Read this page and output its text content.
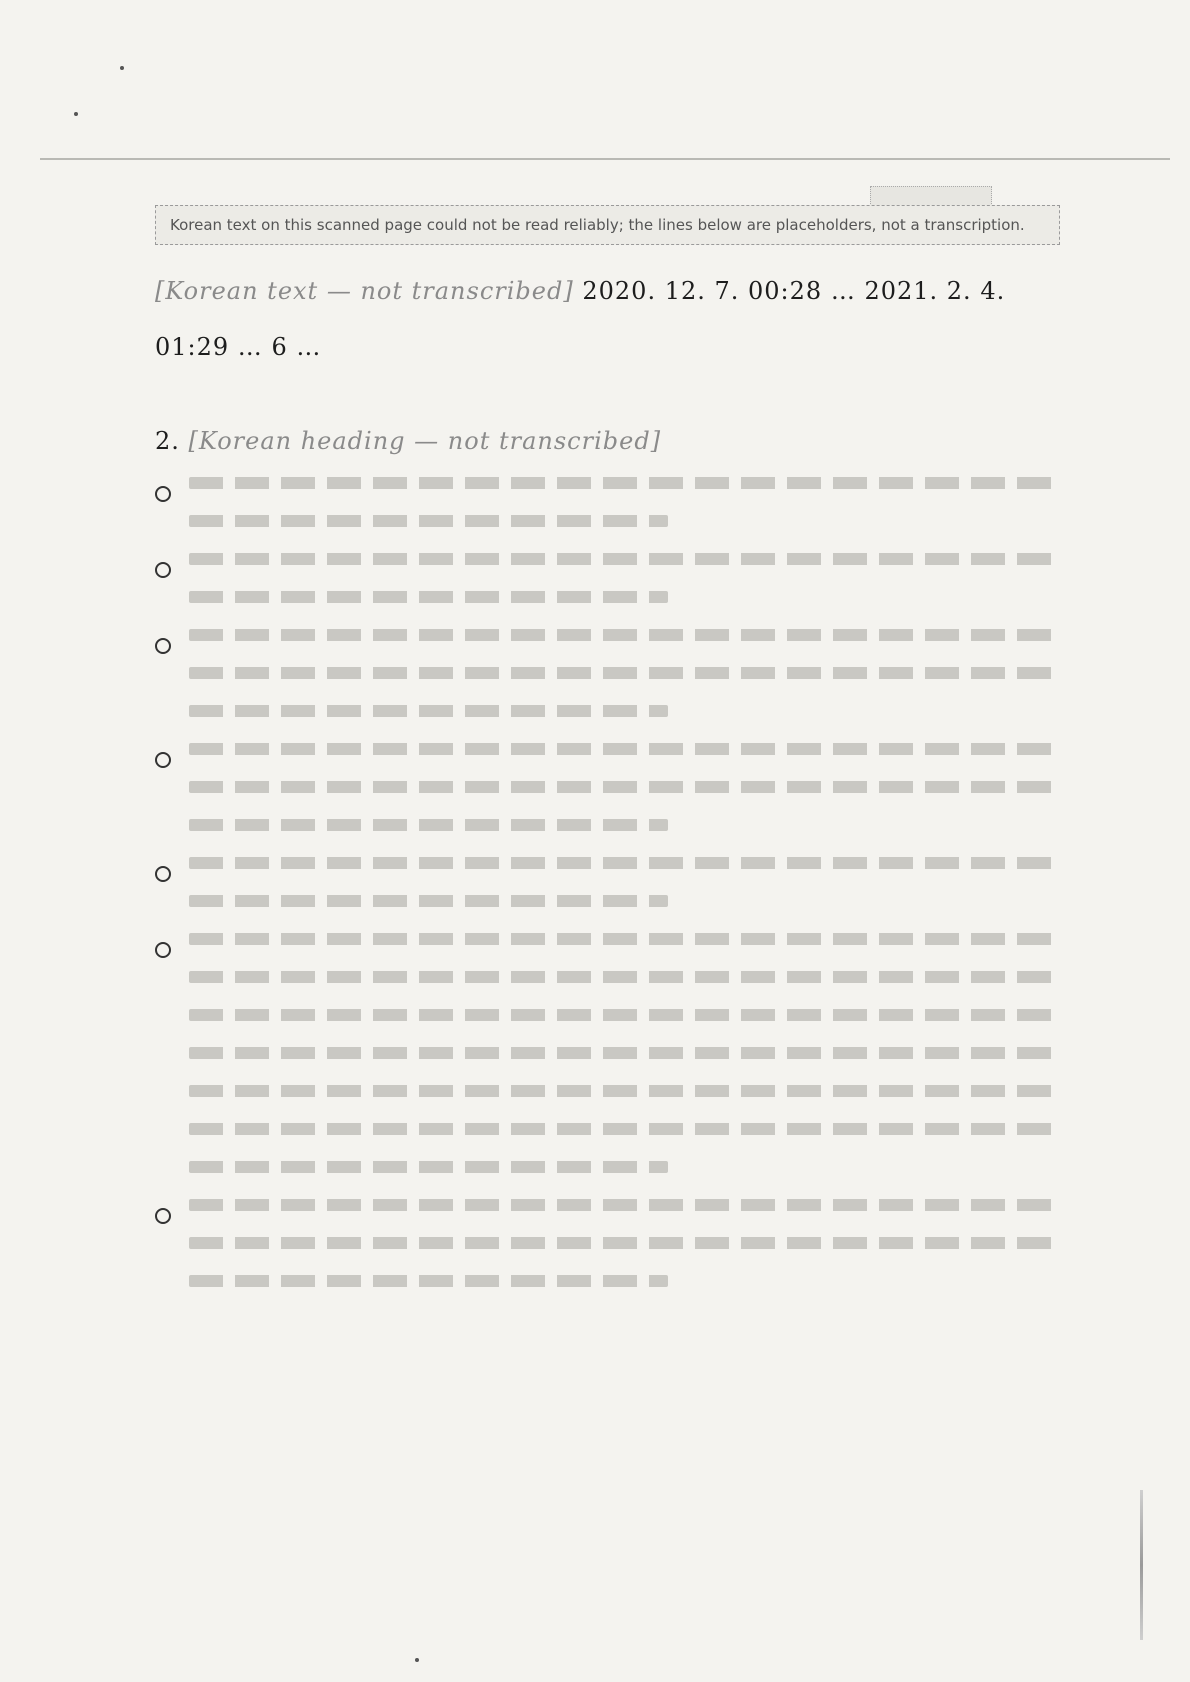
Korean text on this scanned page could not be read reliably; the lines below are placeholders, not a transcription.
[Korean text — not transcribed] 2020. 12. 7. 00:28 … 2021. 2. 4. 01:29 … 6 …
2. [Korean heading — not transcribed]
